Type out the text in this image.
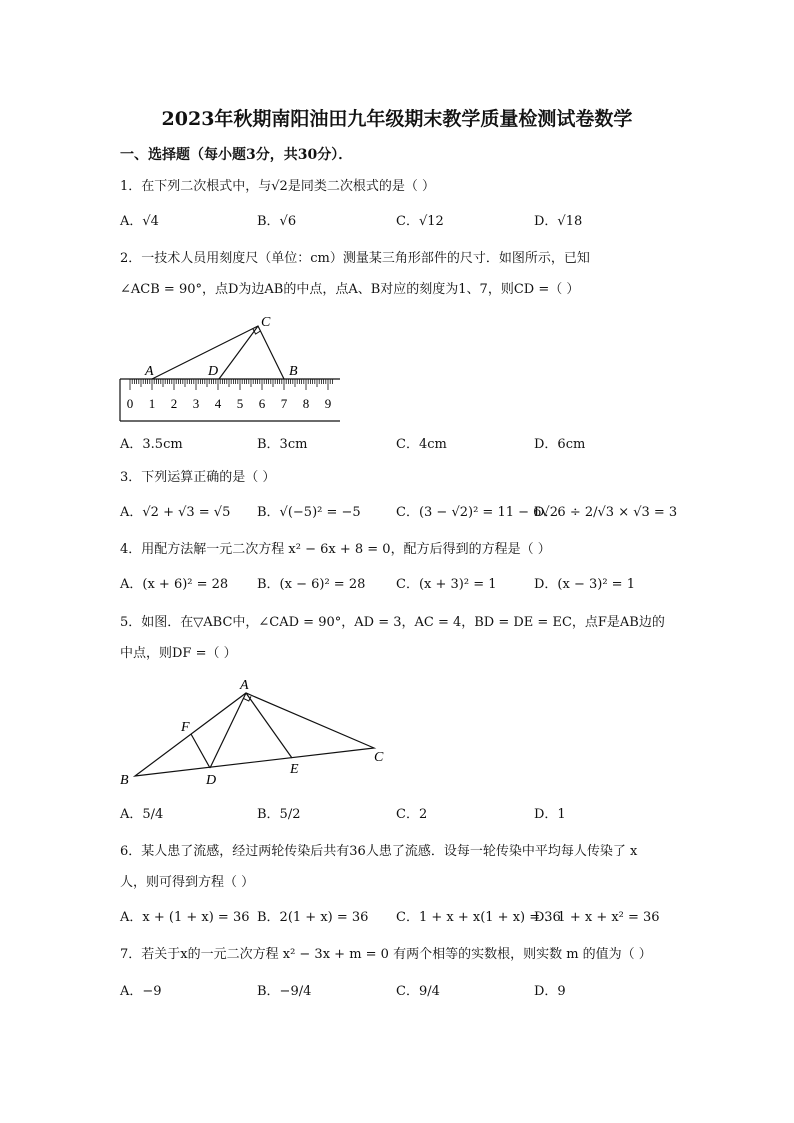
2023年秋期南阳油田九年级期末教学质量检测试卷数学
一、选择题（每小题3分，共30分）．
1．在下列二次根式中，与√2是同类二次根式的是（ ）
A．√4	B．√6	C．√12	D．√18
2．一技术人员用刻度尺（单位：cm）测量某三角形部件的尺寸．如图所示，已知
∠ACB = 90°，点D为边AB的中点，点A、B对应的刻度为1、7，则CD =（ ）
0 1 2 3 4 5 6 7 8 9
C
A	D	B
A．3.5cm	B．3cm	C．4cm	D．6cm
3．下列运算正确的是（ ）
A．√2 + √3 = √5 B．√(−5)² = −5	C．(3 − √2)² = 11 − 6√2
D．6 ÷ 2/√3 × √3 = 3
4．用配方法解一元二次方程 x² − 6x + 8 = 0，配方后得到的方程是（ ）
A．(x + 6)² = 28 B．(x − 6)² = 28 C．(x + 3)² = 1	D．(x − 3)² = 1
5．如图．在▽ABC中，∠CAD = 90°，AD = 3，AC = 4，BD = DE = EC，点F是AB边的
中点，则DF =（ ）
A
F
B	D
E
C
A．5/4	B．5/2	C．2	D．1
6．某人患了流感，经过两轮传染后共有36人患了流感．设每一轮传染中平均每人传染了 x
人，则可得到方程（ ）
A．x + (1 + x) = 36 B．2(1 + x) = 36 C．1 + x + x(1 + x) = 36
D．1 + x + x² = 36
7．若关于x的一元二次方程 x² − 3x + m = 0 有两个相等的实数根，则实数 m 的值为（ ）
A．−9	B．−9/4	C．9/4	D．9
